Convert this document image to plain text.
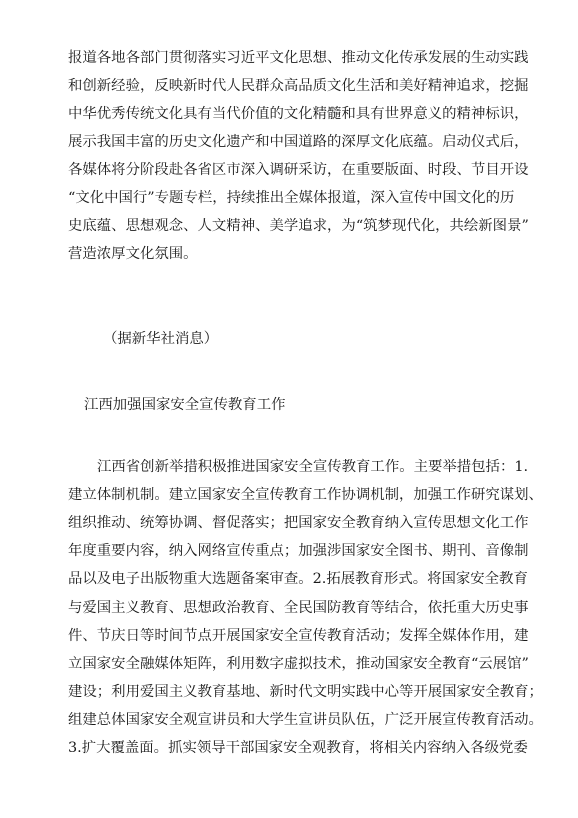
报道各地各部门贯彻落实习近平文化思想、推动文化传承发展的生动实践
和创新经验，反映新时代人民群众高品质文化生活和美好精神追求，挖掘
中华优秀传统文化具有当代价值的文化精髓和具有世界意义的精神标识，
展示我国丰富的历史文化遗产和中国道路的深厚文化底蕴。启动仪式后，
各媒体将分阶段赴各省区市深入调研采访，在重要版面、时段、节目开设
“文化中国行”专题专栏，持续推出全媒体报道，深入宣传中国文化的历
史底蕴、思想观念、人文精神、美学追求，为“筑梦现代化，共绘新图景”
营造浓厚文化氛围。
（据新华社消息）
江西加强国家安全宣传教育工作
江西省创新举措积极推进国家安全宣传教育工作。主要举措包括：1.
建立体制机制。建立国家安全宣传教育工作协调机制，加强工作研究谋划、
组织推动、统筹协调、督促落实；把国家安全教育纳入宣传思想文化工作
年度重要内容，纳入网络宣传重点；加强涉国家安全图书、期刊、音像制
品以及电子出版物重大选题备案审查。2.拓展教育形式。将国家安全教育
与爱国主义教育、思想政治教育、全民国防教育等结合，依托重大历史事
件、节庆日等时间节点开展国家安全宣传教育活动；发挥全媒体作用，建
立国家安全融媒体矩阵，利用数字虚拟技术，推动国家安全教育“云展馆”
建设；利用爱国主义教育基地、新时代文明实践中心等开展国家安全教育；
组建总体国家安全观宣讲员和大学生宣讲员队伍，广泛开展宣传教育活动。
3.扩大覆盖面。抓实领导干部国家安全观教育，将相关内容纳入各级党委
